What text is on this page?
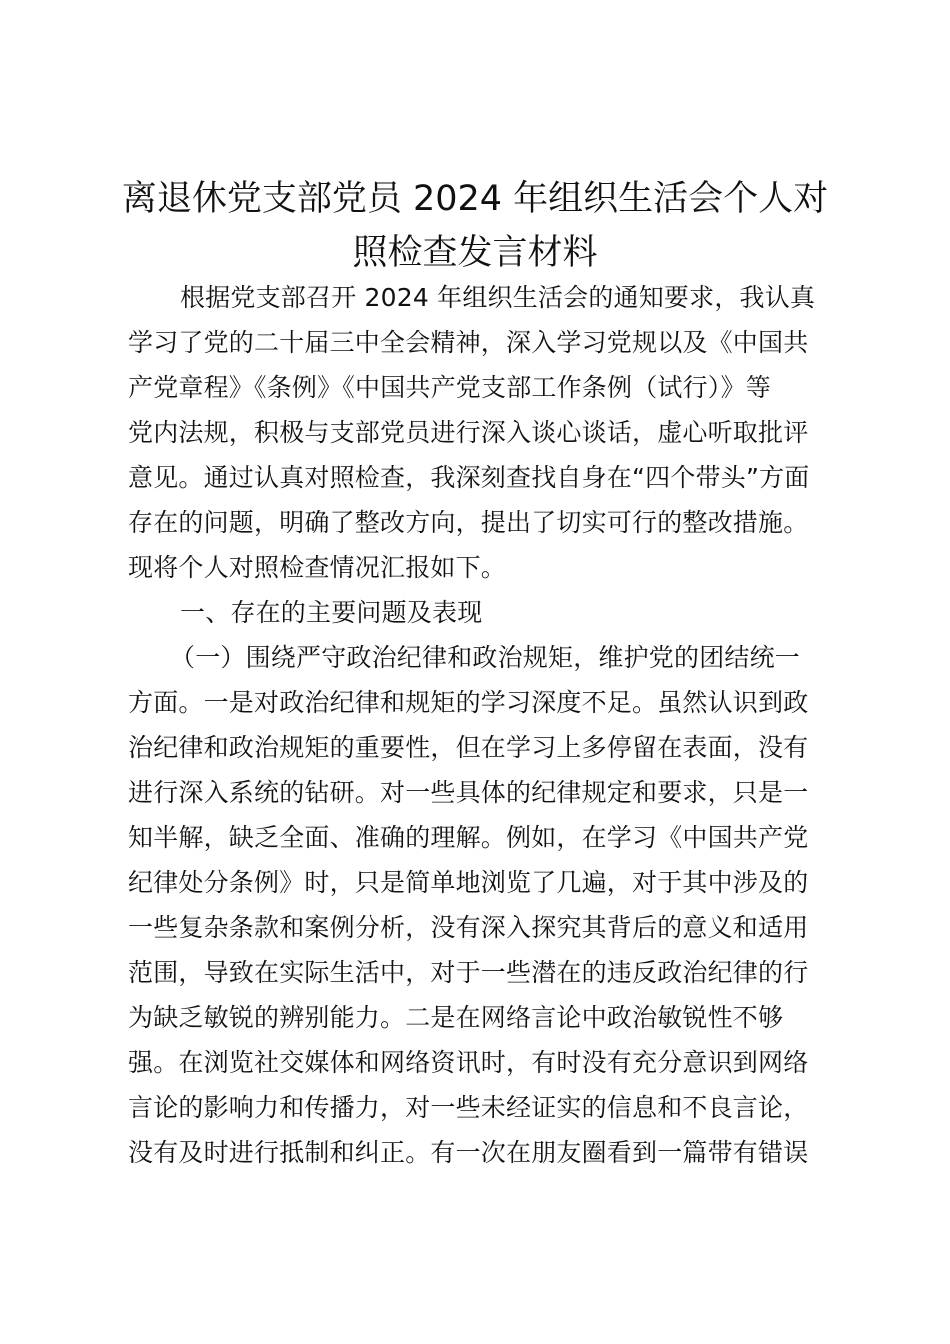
离退休党支部党员 2024 年组织生活会个人对
照检查发言材料
根据党支部召开 2024 年组织生活会的通知要求，我认真
学习了党的二十届三中全会精神，深入学习党规以及《中国共
产党章程》《条例》《中国共产党支部工作条例（试行）》等
党内法规，积极与支部党员进行深入谈心谈话，虚心听取批评
意见。通过认真对照检查，我深刻查找自身在“四个带头”方面
存在的问题，明确了整改方向，提出了切实可行的整改措施。
现将个人对照检查情况汇报如下。
一、存在的主要问题及表现
（一）围绕严守政治纪律和政治规矩，维护党的团结统一
方面。一是对政治纪律和规矩的学习深度不足。虽然认识到政
治纪律和政治规矩的重要性，但在学习上多停留在表面，没有
进行深入系统的钻研。对一些具体的纪律规定和要求，只是一
知半解，缺乏全面、准确的理解。例如，在学习《中国共产党
纪律处分条例》时，只是简单地浏览了几遍，对于其中涉及的
一些复杂条款和案例分析，没有深入探究其背后的意义和适用
范围，导致在实际生活中，对于一些潜在的违反政治纪律的行
为缺乏敏锐的辨别能力。二是在网络言论中政治敏锐性不够
强。在浏览社交媒体和网络资讯时，有时没有充分意识到网络
言论的影响力和传播力，对一些未经证实的信息和不良言论，
没有及时进行抵制和纠正。有一次在朋友圈看到一篇带有错误
